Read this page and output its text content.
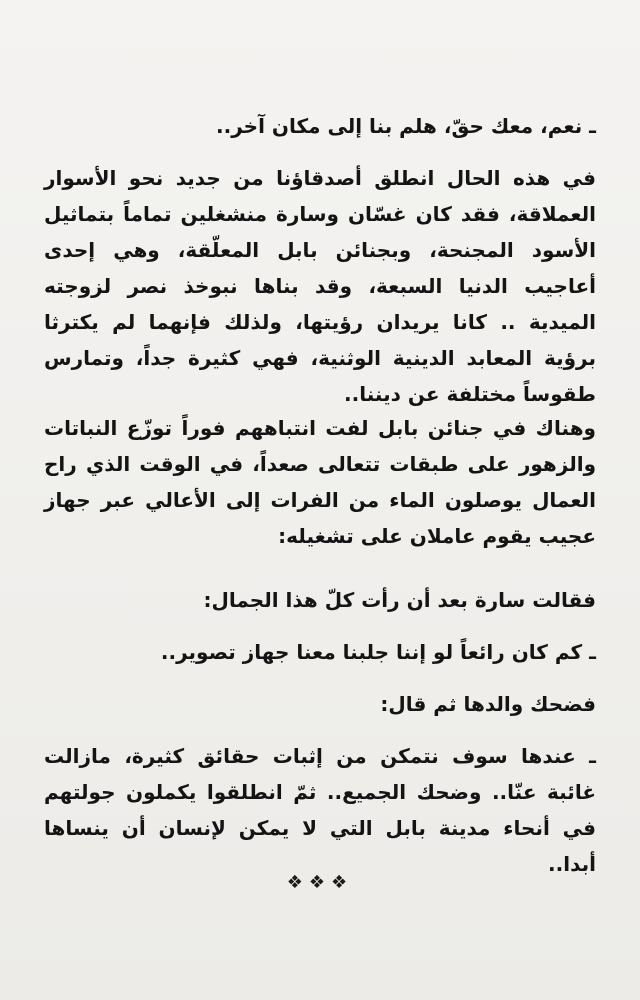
ـ نعم، معك حقّ، هلم بنا إلى مكان آخر..

في هذه الحال انطلق أصدقاؤنا من جديد نحو الأسوار العملاقة، فقد كان غسّان وسارة منشغلين تماماً بتماثيل الأسود المجنحة، وبجنائن بابل المعلّقة، وهي إحدى أعاجيب الدنيا السبعة، وقد بناها نبوخذ نصر لزوجته الميدية .. كانا يريدان رؤيتها، ولذلك فإنهما لم يكترثا برؤية المعابد الدينية الوثنية، فهي كثيرة جداً، وتمارس طقوساً مختلفة عن ديننا..

وهناك في جنائن بابل لفت انتباههم فوراً توزّع النباتات والزهور على طبقات تتعالى صعداً، في الوقت الذي راح العمال يوصلون الماء من الفرات إلى الأعالي عبر جهاز عجيب يقوم عاملان على تشغيله:

فقالت سارة بعد أن رأت كلّ هذا الجمال:

ـ كم كان رائعاً لو إننا جلبنا معنا جهاز تصوير..

فضحك والدها ثم قال:

ـ عندها سوف نتمكن من إثبات حقائق كثيرة، مازالت غائبة عنّا.. وضحك الجميع.. ثمّ انطلقوا يكملون جولتهم في أنحاء مدينة بابل التي لا يمكن لإنسان أن ينساها أبدا..

❖❖❖
